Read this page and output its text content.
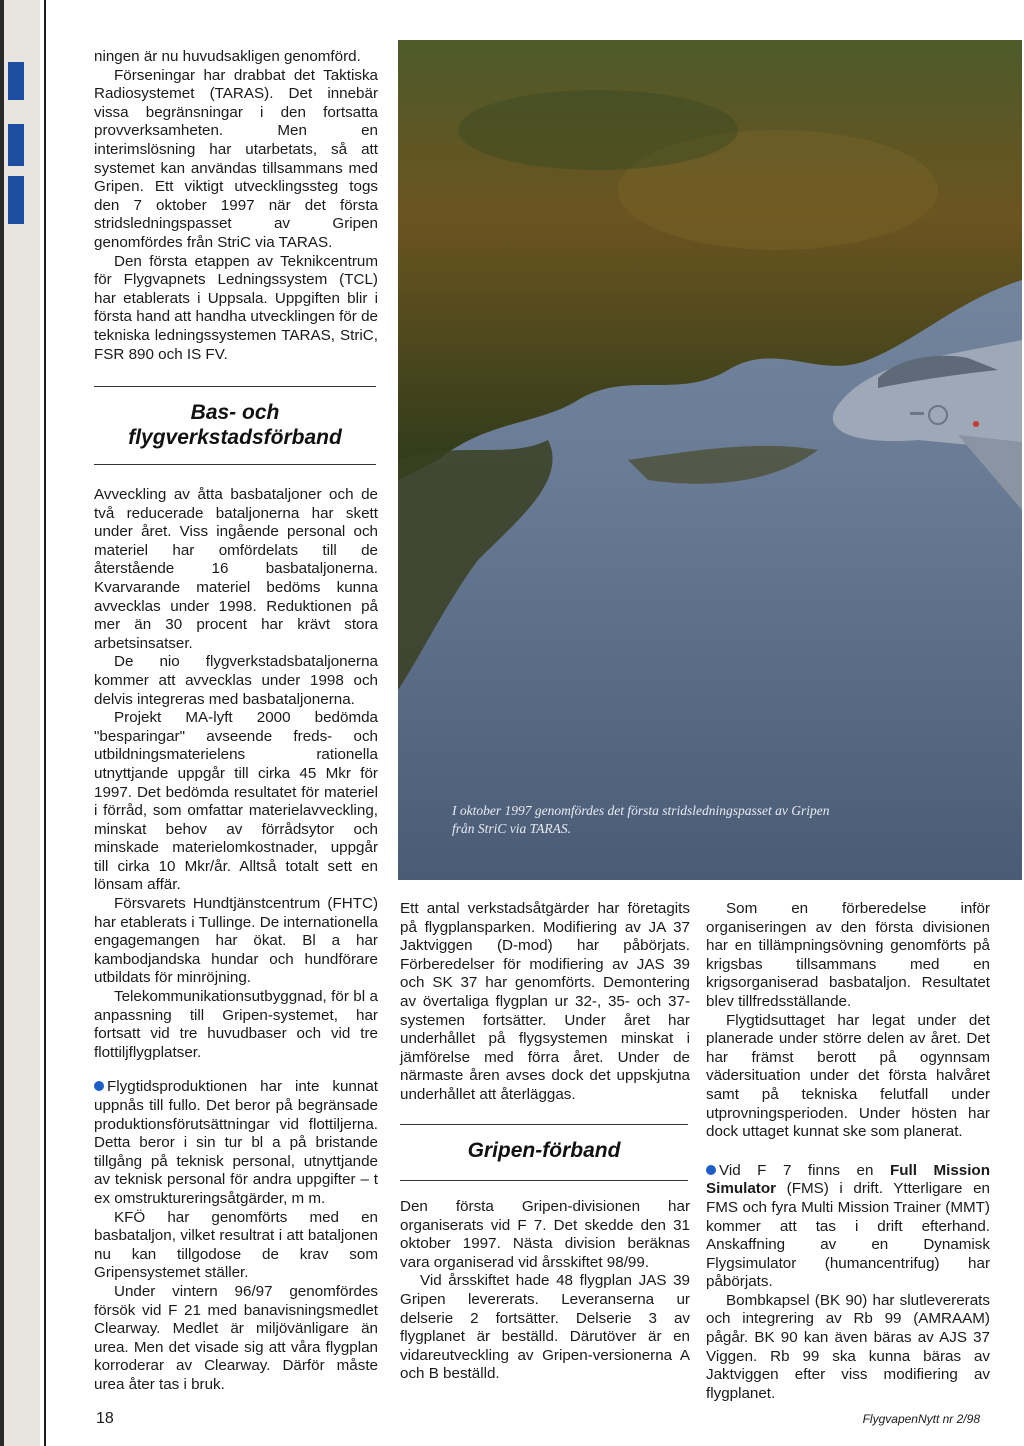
ningen är nu huvudsakligen genomförd.

Förseningar har drabbat det Taktiska Radiosystemet (TARAS). Det innebär vissa begränsningar i den fortsatta provverksamheten. Men en interimslösning har utarbetats, så att systemet kan användas tillsammans med Gripen. Ett viktigt utvecklingssteg togs den 7 oktober 1997 när det första stridsledningspasset av Gripen genomfördes från StriC via TARAS.

Den första etappen av Teknikcentrum för Flygvapnets Ledningssystem (TCL) har etablerats i Uppsala. Uppgiften blir i första hand att handha utvecklingen för de tekniska ledningssystemen TARAS, StriC, FSR 890 och IS FV.

Bas- och
flygverkstadsförband

Avveckling av åtta basbataljoner och de två reducerade bataljonerna har skett under året. Viss ingående personal och materiel har omfördelats till de återstående 16 basbataljonerna. Kvarvarande materiel bedöms kunna avvecklas under 1998. Reduktionen på mer än 30 procent har krävt stora arbetsinsatser.

De nio flygverkstadsbataljonerna kommer att avvecklas under 1998 och delvis integreras med basbataljonerna.

Projekt MA-lyft 2000 bedömda "besparingar" avseende freds- och utbildningsmaterielens rationella utnyttjande uppgår till cirka 45 Mkr för 1997. Det bedömda resultatet för materiel i förråd, som omfattar materielavveckling, minskat behov av förrådsytor och minskade materielomkostnader, uppgår till cirka 10 Mkr/år. Alltså totalt sett en lönsam affär.

Försvarets Hundtjänstcentrum (FHTC) har etablerats i Tullinge. De internationella engagemangen har ökat. Bl a har kambodjandska hundar och hundförare utbildats för minröjning.

Telekommunikationsutbyggnad, för bl a anpassning till Gripen-systemet, har fortsatt vid tre huvudbaser och vid tre flottiljflygplatser.

Flygtidsproduktionen har inte kunnat uppnås till fullo. Det beror på begränsade produktionsförutsättningar vid flottiljerna. Detta beror i sin tur bl a på bristande tillgång på teknisk personal, utnyttjande av teknisk personal för andra uppgifter – t ex omstruktureringsåtgärder, m m.

KFÖ har genomförts med en basbataljon, vilket resultrat i att bataljonen nu kan tillgodose de krav som Gripensystemet ställer.

Under vintern 96/97 genomfördes försök vid F 21 med banavisningsmedlet Clearway. Medlet är miljövänligare än urea. Men det visade sig att våra flygplan korroderar av Clearway. Därför måste urea åter tas i bruk.

I oktober 1997 genomfördes det första stridsledningspasset av Gripen
från StriC via TARAS.

Ett antal verkstadsåtgärder har företagits på flygplansparken. Modifiering av JA 37 Jaktviggen (D-mod) har påbörjats. Förberedelser för modifiering av JAS 39 och SK 37 har genomförts. Demontering av övertaliga flygplan ur 32-, 35- och 37-systemen fortsätter. Under året har underhållet på flygsystemen minskat i jämförelse med förra året. Under de närmaste åren avses dock det uppskjutna underhållet att återläggas.

Gripen-förband

Den första Gripen-divisionen har organiserats vid F 7. Det skedde den 31 oktober 1997. Nästa division beräknas vara organiserad vid årsskiftet 98/99.

Vid årsskiftet hade 48 flygplan JAS 39 Gripen levererats. Leveranserna ur delserie 2 fortsätter. Delserie 3 av flygplanet är beställd. Därutöver är en vidareutveckling av Gripen-versionerna A och B beställd.

Som en förberedelse inför organiseringen av den första divisionen har en tillämpningsövning genomförts på krigsbas tillsammans med en krigsorganiserad basbataljon. Resultatet blev tillfredsställande.

Flygtidsuttaget har legat under det planerade under större delen av året. Det har främst berott på ogynnsam vädersituation under det första halvåret samt på tekniska felutfall under utprovningsperioden. Under hösten har dock uttaget kunnat ske som planerat.

Vid F 7 finns en Full Mission Simulator (FMS) i drift. Ytterligare en FMS och fyra Multi Mission Trainer (MMT) kommer att tas i drift efterhand. Anskaffning av en Dynamisk Flygsimulator (humancentrifug) har påbörjats.

Bombkapsel (BK 90) har slutlevererats och integrering av Rb 99 (AMRAAM) pågår. BK 90 kan även bäras av AJS 37 Viggen. Rb 99 ska kunna bäras av Jaktviggen efter viss modifiering av flygplanet.

18	FlygvapenNytt nr 2/98
